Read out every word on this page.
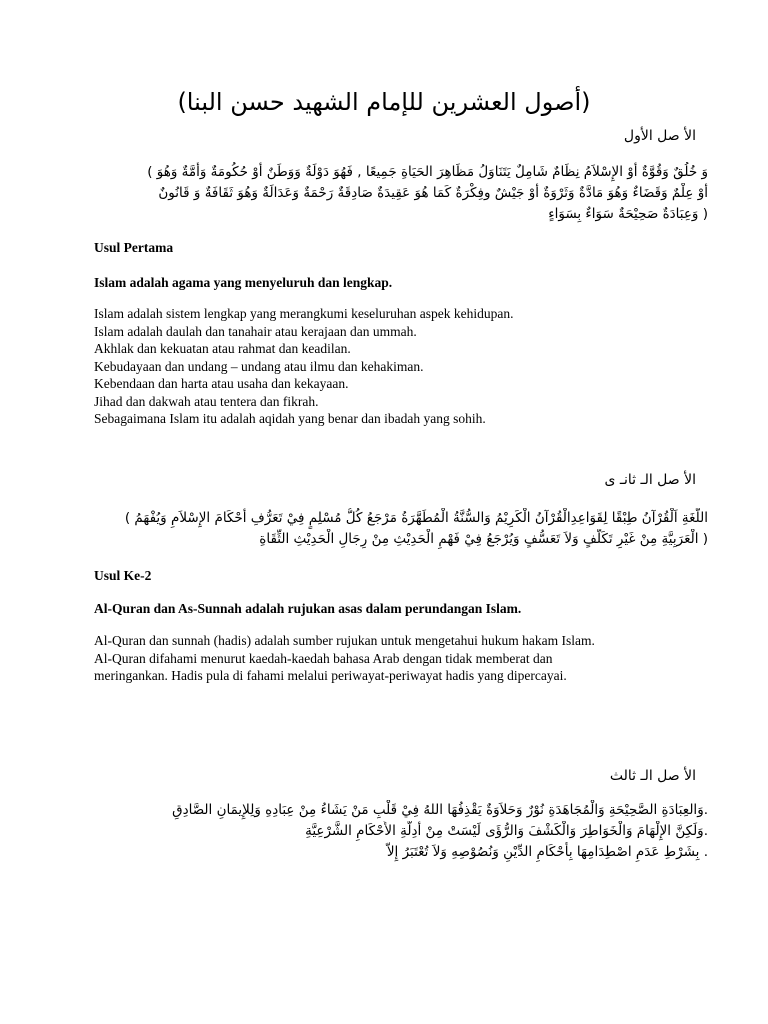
(أصول العشرين للإمام الشهيد حسن البنا)
الأ صل الأول
وَ خُلُقٌ وَقُوَّةٌ أَوْ الإِسْلاَمُ نِظَامٌ شَامِلٌ يَتَنَاوَلُ مَظَاهِرَ الحَيَاةِ جَمِيعًا , فَهُوَ دَوْلَةٌ وَوَطَنٌ أَوْ حُكُومَةٌ وَأُمَّةٌ وَهُوَ )
أَوْ عِلْمٌ وَقَضَاءٌ وَهُوَ مَادَّةٌ وَثَرْوَةٌ أَوْ جَيْشٌ وفِكْرَةٌ كَمَا هُوَ عَقِيدَةٌ صَادِقَةٌ رَحْمَةٌ وَعَدَالَةٌ وَهُوَ ثَقَافَةٌ وَ قَانُونٌ
( وَعِبَادَةٌ صَحِيْحَةٌ سَوَاءٌ بِسَوَاءٍ
Usul Pertama
Islam adalah agama yang menyeluruh dan lengkap.
Islam adalah sistem lengkap yang merangkumi keseluruhan aspek kehidupan.
Islam adalah daulah dan tanahair atau kerajaan dan ummah.
Akhlak dan kekuatan atau rahmat dan keadilan.
Kebudayaan dan undang – undang atau ilmu dan kehakiman.
Kebendaan dan harta atau usaha dan kekayaan.
Jihad dan dakwah atau tentera dan fikrah.
Sebagaimana Islam itu adalah aqidah yang benar dan ibadah yang sohih.
الأ صل الـ ثانـ ى
اللُّغَةِ اَلْقُرْآنُ طِبْقًا لِقَوَاعِدِالْقُرْآنُ الْكَرِيْمُ وَالسُّنَّةُ الْمُطَهَّرَةُ مَرْجَعُ كُلُّ مُسْلِمٍ فِيْ تَعَرُّفِ أَحْكَامَ الإِسْلاَمِ وَيُفْهَمُ )
( الْعَرَبِيَّةِ مِنْ غَيْرِ تَكَلُّفٍ وَلاَ تَعَسُّفٍ وَيُرْجَعُ فِيْ فَهْمِ الْحَدِيْثِ مِنْ رِجَالِ الْحَدِيْثِ الثِّقَاةِ
Usul Ke-2
Al-Quran dan As-Sunnah adalah rujukan asas dalam perundangan Islam.
Al-Quran dan sunnah (hadis) adalah sumber rujukan untuk mengetahui hukum hakam Islam.
Al-Quran difahami menurut kaedah-kaedah bahasa Arab dengan tidak memberat dan
meringankan. Hadis pula di fahami melalui periwayat-periwayat hadis yang dipercayai.
الأ صل الـ ثالث
.وَالعِبَادَةِ الصَّحِيْحَةِ وَالْمُجَاهَدَةِ نُوْرٌ وَحَلاَوَةٌ يَقْذِفُهَا اللهُ فِيْ قَلْبِ مَنْ يَشَاءُ مِنْ عِبَادِهِ وَلِلإِيمَانِ الصَّادِقِ
.وَلَكِنَّ الإِلْهَامَ وَالْخَوَاطِرَ وَالْكَشْفَ وَالرُّؤَى لَيْسَتْ مِنْ أَدِلَّةِ الأَحْكَامِ الشَّرْعِيَّةِ
. بِشَرْطِ عَدَمِ اصْطِدَامِهَا بِأَحْكَامِ الدِّيْنِ وَنُصُوْصِهِ وَلاَ تُعْتَبَرُ إِلاَّ
